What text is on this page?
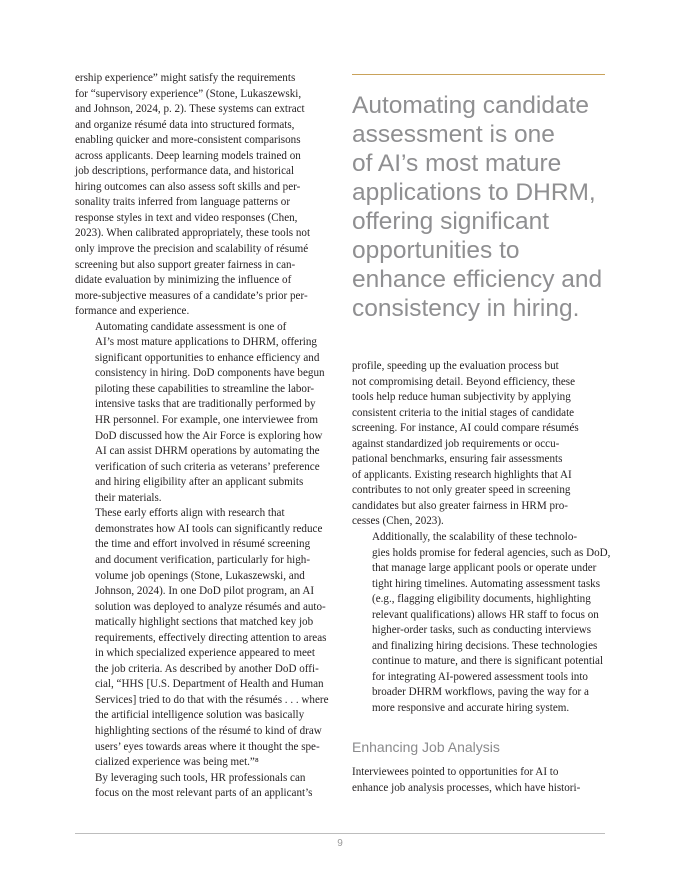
ership experience” might satisfy the requirements
for “supervisory experience” (Stone, Lukaszewski,
and Johnson, 2024, p. 2). These systems can extract
and organize résumé data into structured formats,
enabling quicker and more-consistent comparisons
across applicants. Deep learning models trained on
job descriptions, performance data, and historical
hiring outcomes can also assess soft skills and per-
sonality traits inferred from language patterns or
response styles in text and video responses (Chen,
2023). When calibrated appropriately, these tools not
only improve the precision and scalability of résumé
screening but also support greater fairness in can-
didate evaluation by minimizing the influence of
more-subjective measures of a candidate’s prior per-
formance and experience.

Automating candidate assessment is one of
AI’s most mature applications to DHRM, offering
significant opportunities to enhance efficiency and
consistency in hiring. DoD components have begun
piloting these capabilities to streamline the labor-
intensive tasks that are traditionally performed by
HR personnel. For example, one interviewee from
DoD discussed how the Air Force is exploring how
AI can assist DHRM operations by automating the
verification of such criteria as veterans’ preference
and hiring eligibility after an applicant submits
their materials.

These early efforts align with research that
demonstrates how AI tools can significantly reduce
the time and effort involved in résumé screening
and document verification, particularly for high-
volume job openings (Stone, Lukaszewski, and
Johnson, 2024). In one DoD pilot program, an AI
solution was deployed to analyze résumés and auto-
matically highlight sections that matched key job
requirements, effectively directing attention to areas
in which specialized experience appeared to meet
the job criteria. As described by another DoD offi-
cial, “HHS [U.S. Department of Health and Human
Services] tried to do that with the résumés . . . where
the artificial intelligence solution was basically
highlighting sections of the résumé to kind of draw
users’ eyes towards areas where it thought the spe-
cialized experience was being met.”⁸

By leveraging such tools, HR professionals can
focus on the most relevant parts of an applicant’s

Automating candidate
assessment is one
of AI’s most mature
applications to DHRM,
offering significant
opportunities to
enhance efficiency and
consistency in hiring.

profile, speeding up the evaluation process but
not compromising detail. Beyond efficiency, these
tools help reduce human subjectivity by applying
consistent criteria to the initial stages of candidate
screening. For instance, AI could compare résumés
against standardized job requirements or occu-
pational benchmarks, ensuring fair assessments
of applicants. Existing research highlights that AI
contributes to not only greater speed in screening
candidates but also greater fairness in HRM pro-
cesses (Chen, 2023).

Additionally, the scalability of these technolo-
gies holds promise for federal agencies, such as DoD,
that manage large applicant pools or operate under
tight hiring timelines. Automating assessment tasks
(e.g., flagging eligibility documents, highlighting
relevant qualifications) allows HR staff to focus on
higher-order tasks, such as conducting interviews
and finalizing hiring decisions. These technologies
continue to mature, and there is significant potential
for integrating AI-powered assessment tools into
broader DHRM workflows, paving the way for a
more responsive and accurate hiring system.

Enhancing Job Analysis

Interviewees pointed to opportunities for AI to
enhance job analysis processes, which have histori-

9
